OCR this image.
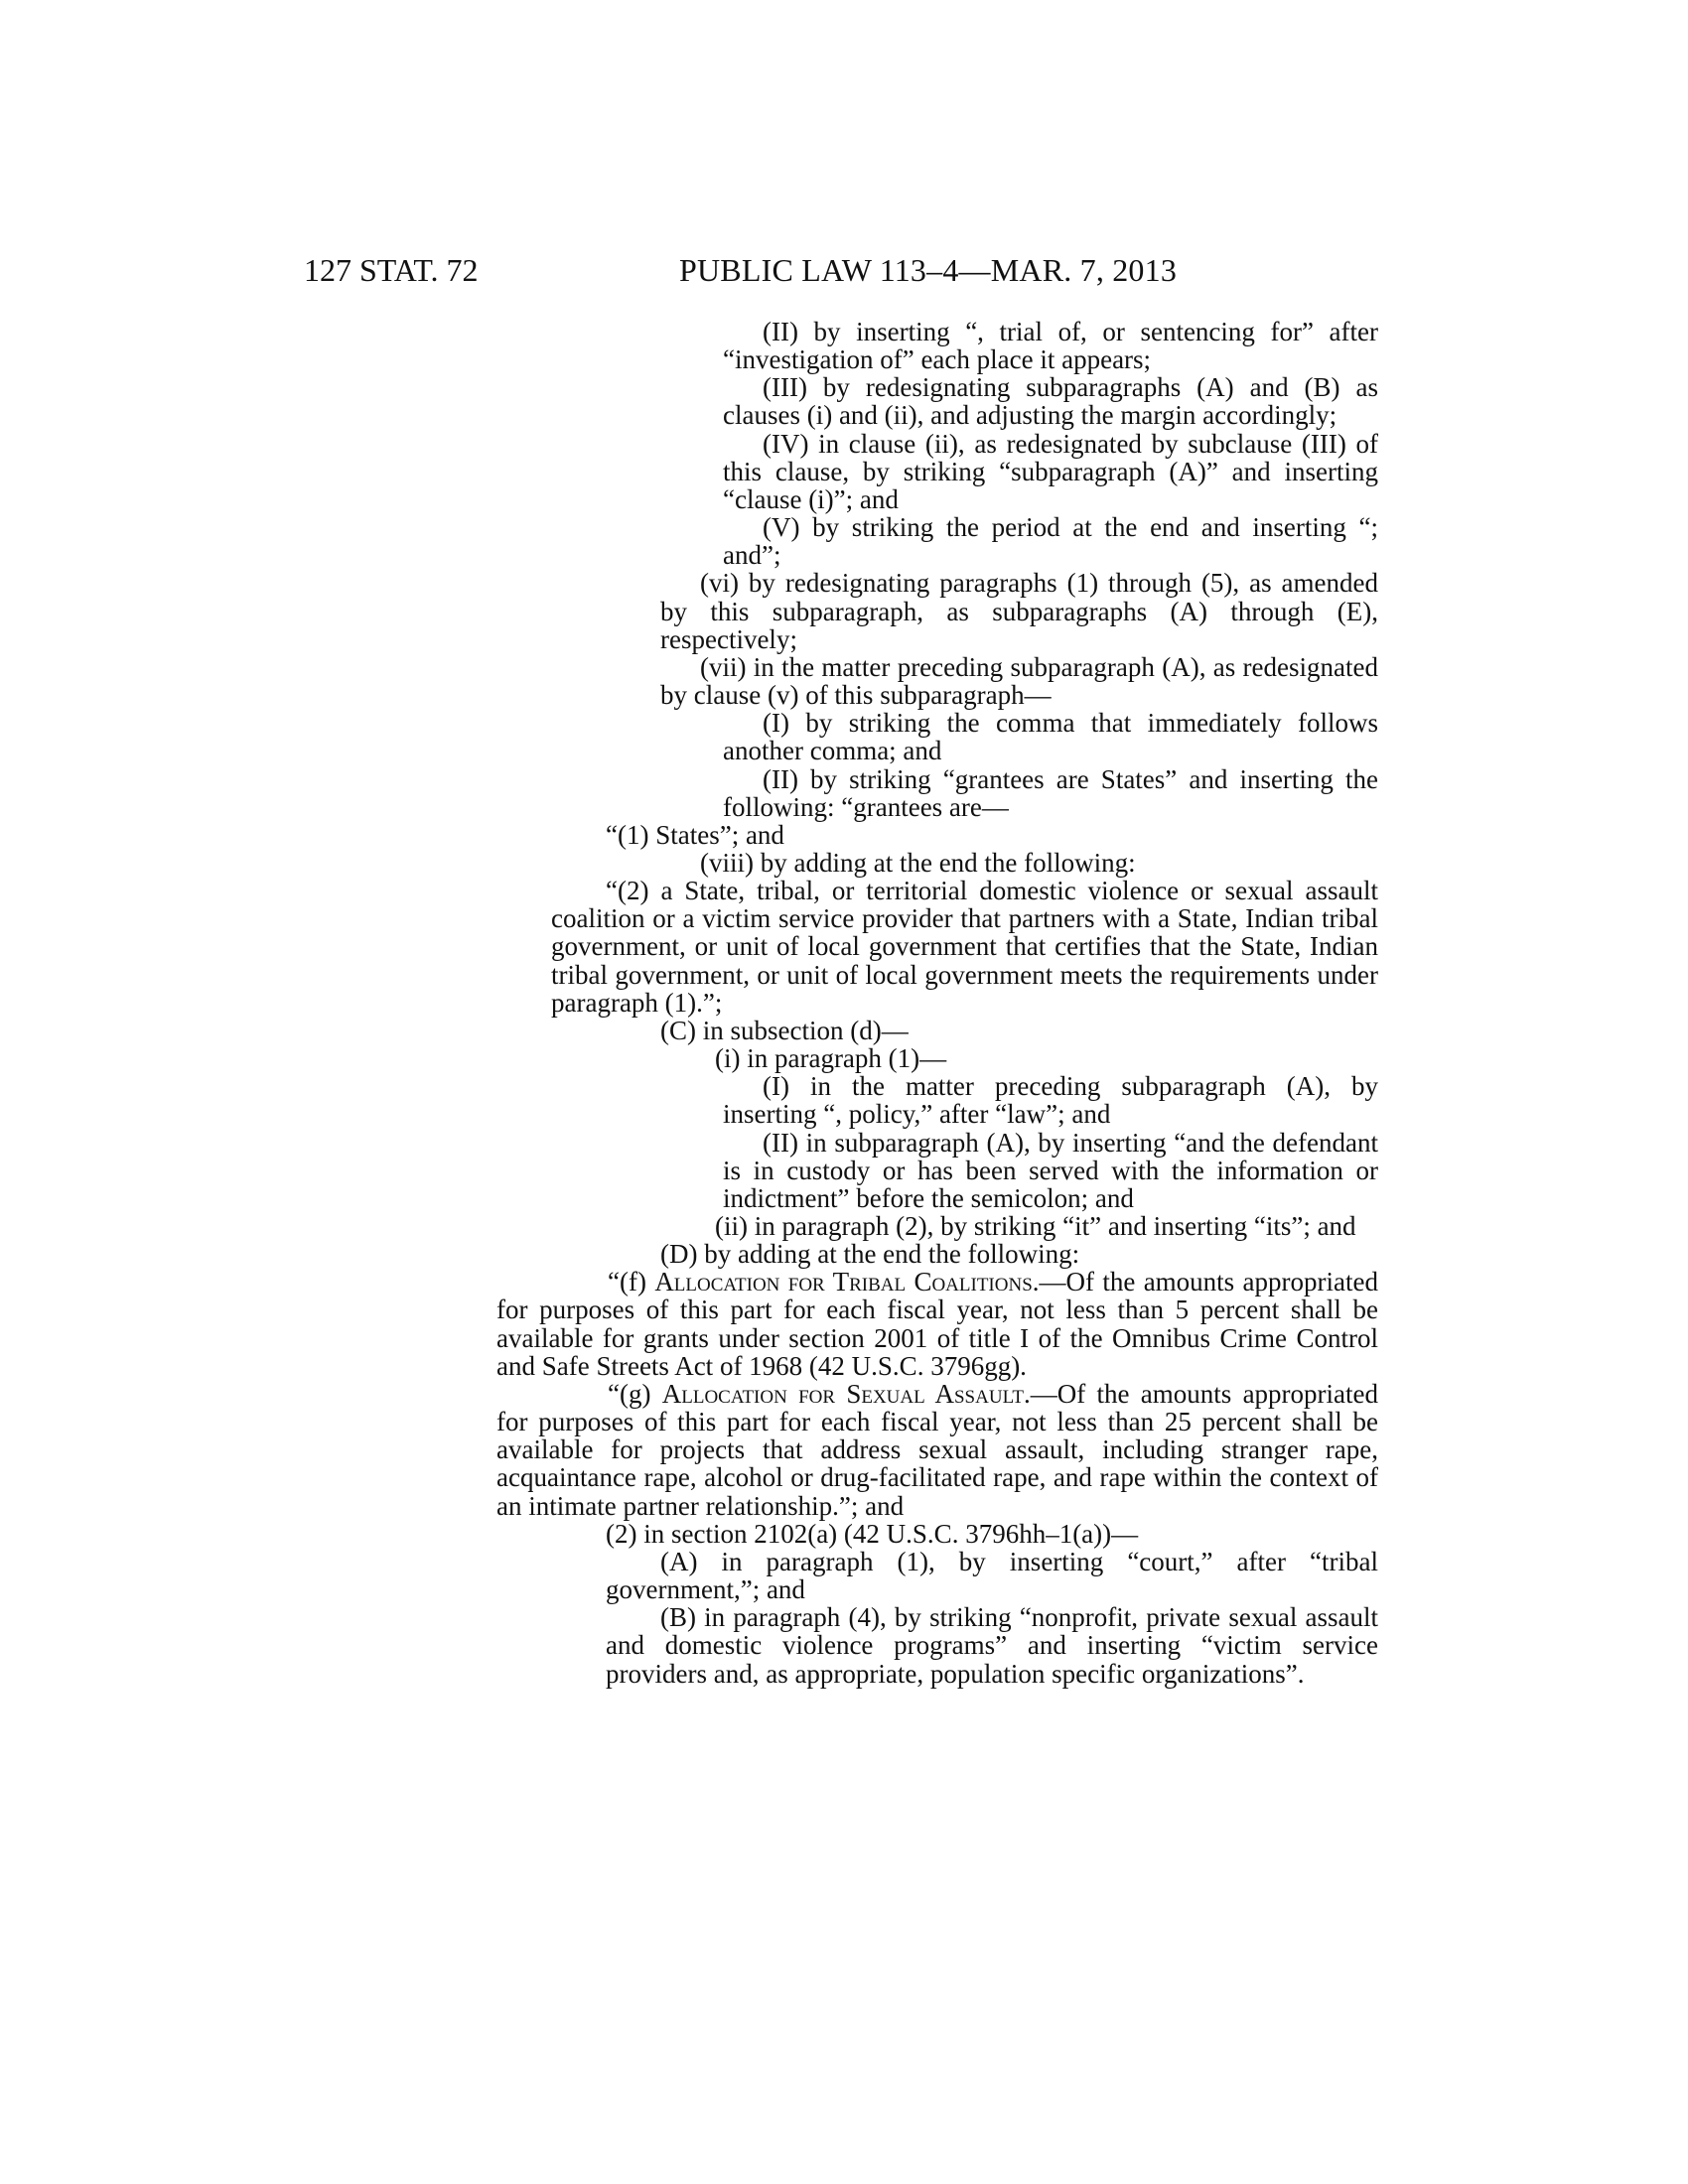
127 STAT. 72	PUBLIC LAW 113–4—MAR. 7, 2013
(II) by inserting “, trial of, or sentencing for” after “investigation of” each place it appears;
(III) by redesignating subparagraphs (A) and (B) as clauses (i) and (ii), and adjusting the margin accordingly;
(IV) in clause (ii), as redesignated by subclause (III) of this clause, by striking “subparagraph (A)” and inserting “clause (i)”; and
(V) by striking the period at the end and inserting “; and”;
(vi) by redesignating paragraphs (1) through (5), as amended by this subparagraph, as subparagraphs (A) through (E), respectively;
(vii) in the matter preceding subparagraph (A), as redesignated by clause (v) of this subparagraph—
(I) by striking the comma that immediately follows another comma; and
(II) by striking “grantees are States” and inserting the following: “grantees are—
“(1) States”; and
(viii) by adding at the end the following:
“(2) a State, tribal, or territorial domestic violence or sexual assault coalition or a victim service provider that partners with a State, Indian tribal government, or unit of local government that certifies that the State, Indian tribal government, or unit of local government meets the requirements under paragraph (1).”;
(C) in subsection (d)—
(i) in paragraph (1)—
(I) in the matter preceding subparagraph (A), by inserting “, policy,” after “law”; and
(II) in subparagraph (A), by inserting “and the defendant is in custody or has been served with the information or indictment” before the semicolon; and
(ii) in paragraph (2), by striking “it” and inserting “its”; and
(D) by adding at the end the following:
“(f) Allocation for Tribal Coalitions.—Of the amounts appropriated for purposes of this part for each fiscal year, not less than 5 percent shall be available for grants under section 2001 of title I of the Omnibus Crime Control and Safe Streets Act of 1968 (42 U.S.C. 3796gg).
“(g) Allocation for Sexual Assault.—Of the amounts appropriated for purposes of this part for each fiscal year, not less than 25 percent shall be available for projects that address sexual assault, including stranger rape, acquaintance rape, alcohol or drug-facilitated rape, and rape within the context of an intimate partner relationship.”; and
(2) in section 2102(a) (42 U.S.C. 3796hh–1(a))—
(A) in paragraph (1), by inserting “court,” after “tribal government,”; and
(B) in paragraph (4), by striking “nonprofit, private sexual assault and domestic violence programs” and inserting “victim service providers and, as appropriate, population specific organizations”.
